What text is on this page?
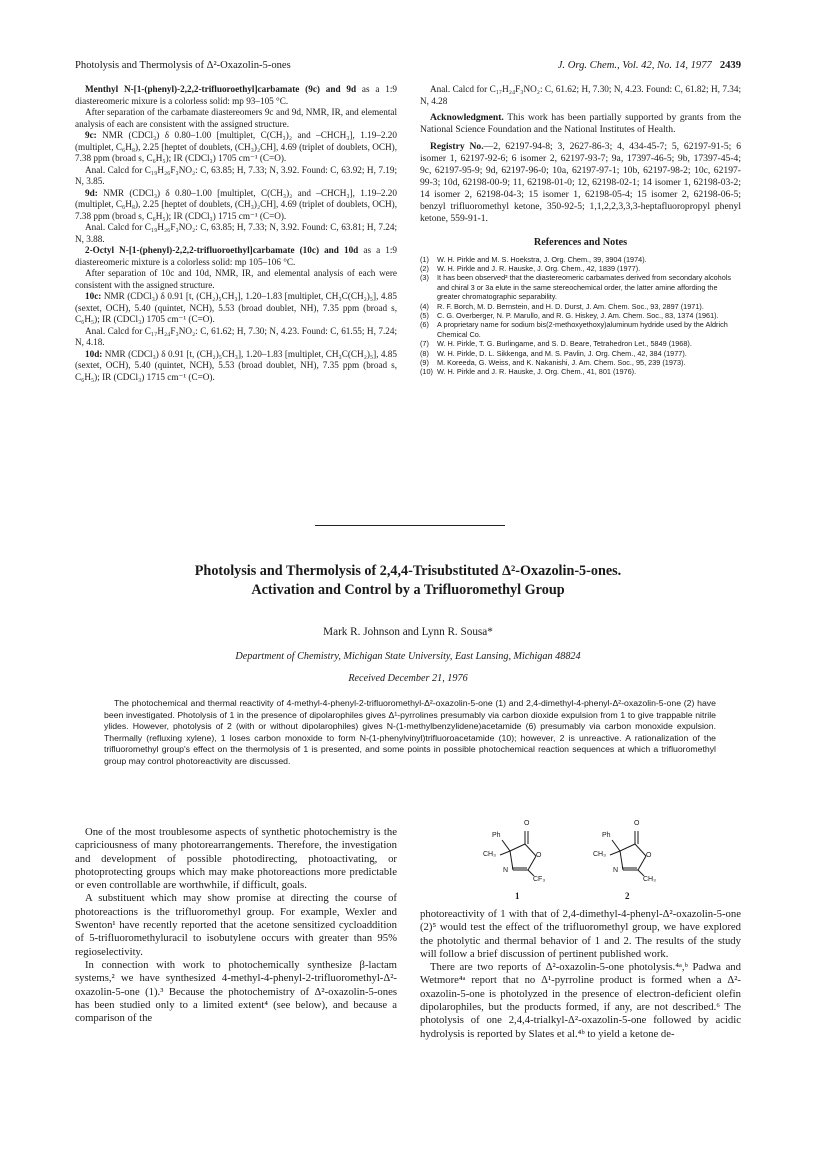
Photolysis and Thermolysis of Δ²-Oxazolin-5-ones	J. Org. Chem., Vol. 42, No. 14, 1977 2439

Menthyl N-[1-(phenyl)-2,2,2-trifluoroethyl]carbamate (9c) and 9d as a 1:9 diastereomeric mixure is a colorless solid: mp 93–105 °C.

After separation of the carbamate diastereomers 9c and 9d, NMR, IR, and elemental analysis of each are consistent with the assigned structure.

9c: NMR (CDCl₃) δ 0.80–1.00 [multiplet, C(CH₃)₂ and –CHCH₃], 1.19–2.20 (multiplet, C₆H₈), 2.25 [heptet of doublets, (CH₃)₂CH], 4.69 (triplet of doublets, OCH), 7.38 ppm (broad s, C₆H₅); IR (CDCl₃) 1705 cm⁻¹ (C=O).

Anal. Calcd for C₁₉H₂₆F₃NO₂: C, 63.85; H, 7.33; N, 3.92. Found: C, 63.92; H, 7.19; N, 3.85.

9d: NMR (CDCl₃) δ 0.80–1.00 [multiplet, C(CH₃)₂ and –CHCH₃], 1.19–2.20 (multiplet, C₆H₈), 2.25 [heptet of doublets, (CH₃)₂CH], 4.69 (triplet of doublets, OCH), 7.38 ppm (broad s, C₆H₅); IR (CDCl₃) 1715 cm⁻¹ (C=O).

Anal. Calcd for C₁₉H₂₆F₃NO₂: C, 63.85; H, 7.33; N, 3.92. Found: C, 63.81; H, 7.24; N, 3.88.

2-Octyl N-[1-(phenyl)-2,2,2-trifluoroethyl]carbamate (10c) and 10d as a 1:9 diastereomeric mixture is a colorless solid: mp 105–106 °C.

After separation of 10c and 10d, NMR, IR, and elemental analysis of each were consistent with the assigned structure.

10c: NMR (CDCl₃) δ 0.91 [t, (CH₂)₅CH₃], 1.20–1.83 [multiplet, CH₃C(CH₂)₅], 4.85 (sextet, OCH), 5.40 (quintet, NCH), 5.53 (broad doublet, NH), 7.35 ppm (broad s, C₆H₅); IR (CDCl₃) 1705 cm⁻¹ (C=O).

Anal. Calcd for C₁₇H₂₄F₃NO₂: C, 61.62; H, 7.30; N, 4.23. Found: C, 61.55; H, 7.24; N, 4.18.

10d: NMR (CDCl₃) δ 0.91 [t, (CH₂)₅CH₃], 1.20–1.83 [multiplet, CH₃C(CH₂)₅], 4.85 (sextet, OCH), 5.40 (quintet, NCH), 5.53 (broad doublet, NH), 7.35 ppm (broad s, C₆H₅); IR (CDCl₃) 1715 cm⁻¹ (C=O).

Anal. Calcd for C₁₇H₂₄F₃NO₂: C, 61.62; H, 7.30; N, 4.23. Found: C, 61.82; H, 7.34; N, 4.28

Acknowledgment. This work has been partially supported by grants from the National Science Foundation and the National Institutes of Health.

Registry No.—2, 62197-94-8; 3, 2627-86-3; 4, 434-45-7; 5, 62197-91-5; 6 isomer 1, 62197-92-6; 6 isomer 2, 62197-93-7; 9a, 17397-46-5; 9b, 17397-45-4; 9c, 62197-95-9; 9d, 62197-96-0; 10a, 62197-97-1; 10b, 62197-98-2; 10c, 62197-99-3; 10d, 62198-00-9; 11, 62198-01-0; 12, 62198-02-1; 14 isomer 1, 62198-03-2; 14 isomer 2, 62198-04-3; 15 isomer 1, 62198-05-4; 15 isomer 2, 62198-06-5; benzyl trifluoromethyl ketone, 350-92-5; 1,1,2,2,3,3,3-heptafluoropropyl phenyl ketone, 559-91-1.

References and Notes
(1) W. H. Pirkle and M. S. Hoekstra, J. Org. Chem., 39, 3904 (1974).
(2) W. H. Pirkle and J. R. Hauske, J. Org. Chem., 42, 1839 (1977).
(3) It has been observed² that the diastereomeric carbamates derived from secondary alcohols and chiral 3 or 3a elute in the same stereochemical order, the latter amine affording the greater chromatographic separability.
(4) R. F. Borch, M. D. Bernstein, and H. D. Durst, J. Am. Chem. Soc., 93, 2897 (1971).
(5) C. G. Overberger, N. P. Marullo, and R. G. Hiskey, J. Am. Chem. Soc., 83, 1374 (1961).
(6) A proprietary name for sodium bis(2-methoxyethoxy)aluminum hydride used by the Aldrich Chemical Co.
(7) W. H. Pirkle, T. G. Burlingame, and S. D. Beare, Tetrahedron Let., 5849 (1968).
(8) W. H. Pirkle, D. L. Sikkenga, and M. S. Pavlin, J. Org. Chem., 42, 384 (1977).
(9) M. Koreeda, G. Weiss, and K. Nakanishi, J. Am. Chem. Soc., 95, 239 (1973).
(10) W. H. Pirkle and J. R. Hauske, J. Org. Chem., 41, 801 (1976).
Photolysis and Thermolysis of 2,4,4-Trisubstituted Δ²-Oxazolin-5-ones.
Activation and Control by a Trifluoromethyl Group
Mark R. Johnson and Lynn R. Sousa*
Department of Chemistry, Michigan State University, East Lansing, Michigan 48824
Received December 21, 1976
The photochemical and thermal reactivity of 4-methyl-4-phenyl-2-trifluoromethyl-Δ²-oxazolin-5-one (1) and 2,4-dimethyl-4-phenyl-Δ²-oxazolin-5-one (2) have been investigated. Photolysis of 1 in the presence of dipolarophiles gives Δ¹-pyrrolines presumably via carbon dioxide expulsion from 1 to give trappable nitrile ylides. However, photolysis of 2 (with or without dipolarophiles) gives N-(1-methylbenzylidene)acetamide (6) presumably via carbon monoxide expulsion. Thermally (refluxing xylene), 1 loses carbon monoxide to form N-(1-phenylvinyl)trifluoroacetamide (10); however, 2 is unreactive. A rationalization of the trifluoromethyl group's effect on the thermolysis of 1 is presented, and some points in possible photochemical reaction sequences at which a trifluoromethyl group may control photoreactivity are discussed.

One of the most troublesome aspects of synthetic photochemistry is the capriciousness of many photorearrangements. Therefore, the investigation and development of possible photodirecting, photoactivating, or photoprotecting groups which may make photoreactions more predictable or even controllable are worthwhile, if difficult, goals.

A substituent which may show promise at directing the course of photoreactions is the trifluoromethyl group. For example, Wexler and Swenton¹ have recently reported that the acetone sensitized cycloaddition of 5-trifluoromethyluracil to isobutylene occurs with greater than 95% regioselectivity.

In connection with work to photochemically synthesize β-lactam systems,² we have synthesized 4-methyl-4-phenyl-2-trifluoromethyl-Δ²-oxazolin-5-one (1).³ Because the photochemistry of Δ²-oxazolin-5-ones has been studied only to a limited extent⁴ (see below), and because a comparison of the

O
Ph
CH₃	O
N
CF₃
1
O
Ph
CH₃	O
N
CH₃
2

photoreactivity of 1 with that of 2,4-dimethyl-4-phenyl-Δ²-oxazolin-5-one (2)⁵ would test the effect of the trifluoromethyl group, we have explored the photolytic and thermal behavior of 1 and 2. The results of the study will follow a brief discussion of pertinent published work.

There are two reports of Δ²-oxazolin-5-one photolysis.⁴ᵃ,ᵇ Padwa and Wetmore⁴ᵃ report that no Δ¹-pyrroline product is formed when a Δ²-oxazolin-5-one is photolyzed in the presence of electron-deficient olefin dipolarophiles, but the products formed, if any, are not described.⁶ The photolysis of one 2,4,4-trialkyl-Δ²-oxazolin-5-one followed by acidic hydrolysis is reported by Slates et al.⁴ᵇ to yield a ketone de-
